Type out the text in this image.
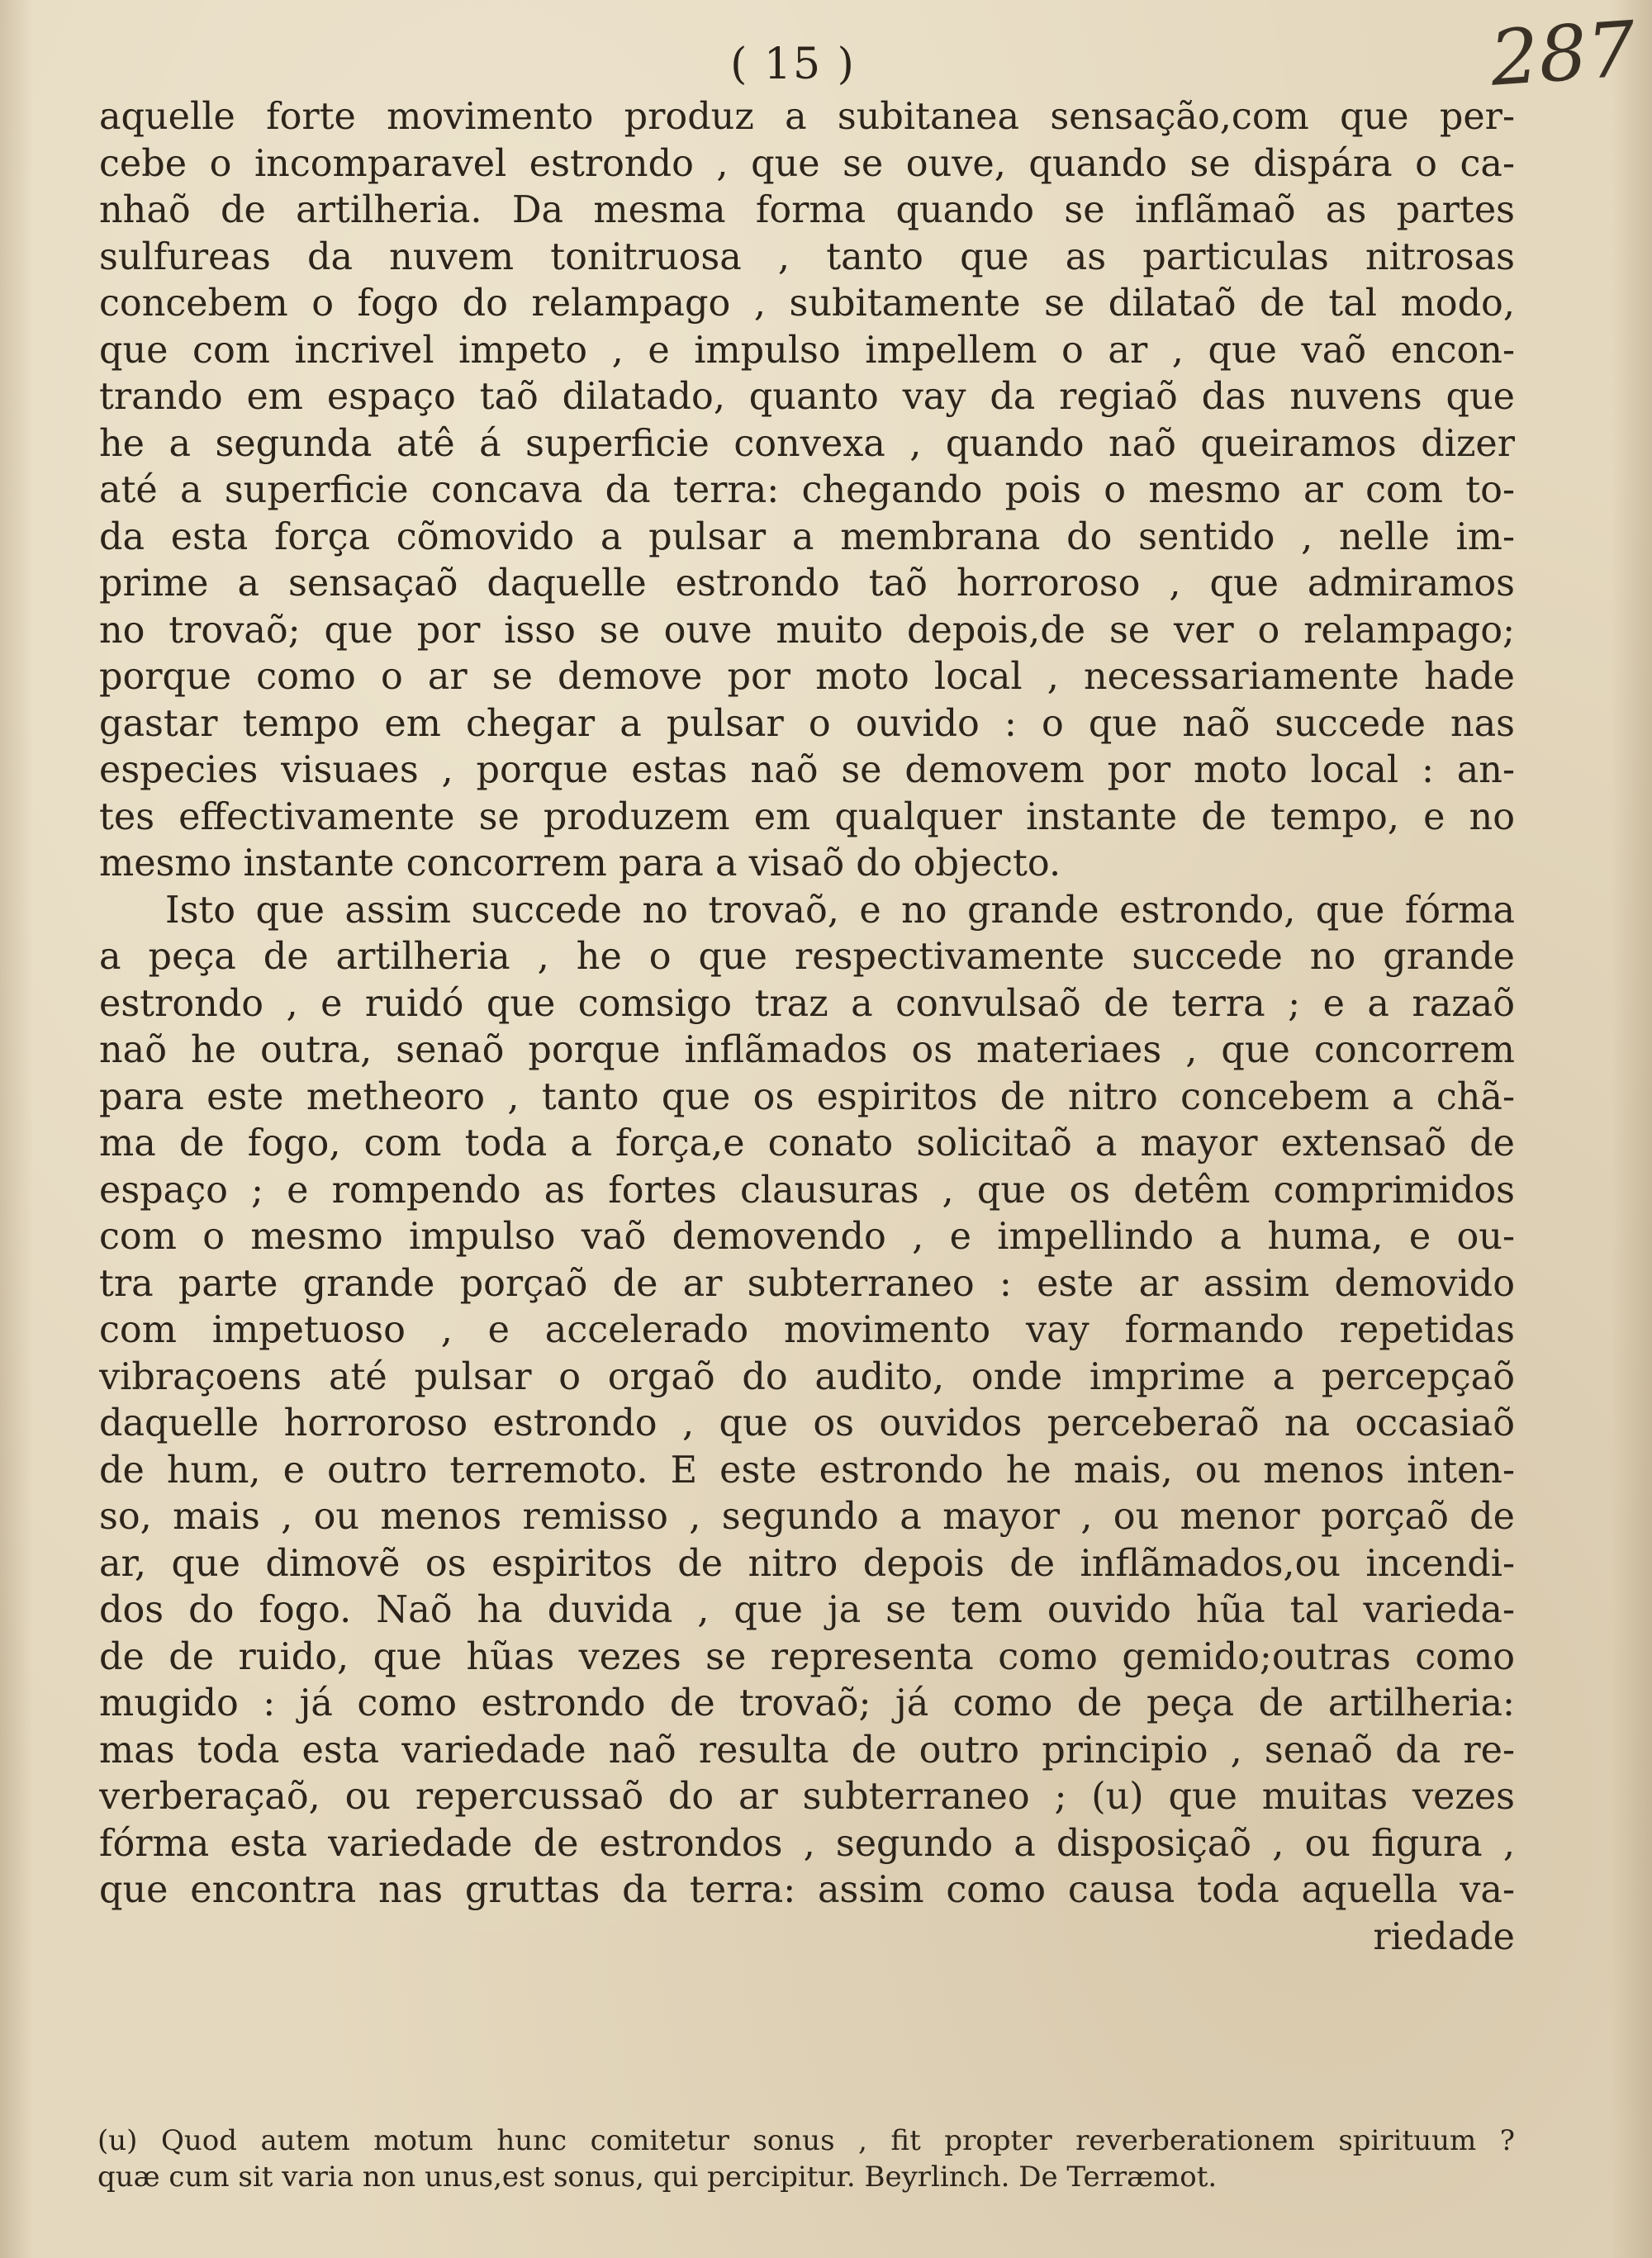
( 15 )	287
aquelle forte movimento produz a subitanea sensação,com que per-
cebe o incomparavel estrondo , que se ouve, quando se dispára o ca-
nhaõ de artilheria. Da mesma forma quando se inflãmaõ as partes
sulfureas da nuvem tonitruosa , tanto que as particulas nitrosas
concebem o fogo do relampago , subitamente se dilataõ de tal modo,
que com incrivel impeto , e impulso impellem o ar , que vaõ encon-
trando em espaço taõ dilatado, quanto vay da regiaõ das nuvens que
he a segunda atê á superficie convexa , quando naõ queiramos dizer
até a superficie concava da terra: chegando pois o mesmo ar com to-
da esta força cõmovido a pulsar a membrana do sentido , nelle im-
prime a sensaçaõ daquelle estrondo taõ horroroso , que admiramos
no trovaõ; que por isso se ouve muito depois,de se ver o relampago;
porque como o ar se demove por moto local , necessariamente hade
gastar tempo em chegar a pulsar o ouvido : o que naõ succede nas
especies visuaes , porque estas naõ se demovem por moto local : an-
tes effectivamente se produzem em qualquer instante de tempo, e no
mesmo instante concorrem para a visaõ do objecto.
Isto que assim succede no trovaõ, e no grande estrondo, que fórma
a peça de artilheria , he o que respectivamente succede no grande
estrondo , e ruidó que comsigo traz a convulsaõ de terra ; e a razaõ
naõ he outra, senaõ porque inflãmados os materiaes , que concorrem
para este metheoro , tanto que os espiritos de nitro concebem a chã-
ma de fogo, com toda a força,e conato solicitaõ a mayor extensaõ de
espaço ; e rompendo as fortes clausuras , que os detêm comprimidos
com o mesmo impulso vaõ demovendo , e impellindo a huma, e ou-
tra parte grande porçaõ de ar subterraneo : este ar assim demovido
com impetuoso , e accelerado movimento vay formando repetidas
vibraçoens até pulsar o orgaõ do audito, onde imprime a percepçaõ
daquelle horroroso estrondo , que os ouvidos perceberaõ na occasiaõ
de hum, e outro terremoto. E este estrondo he mais, ou menos inten-
so, mais , ou menos remisso , segundo a mayor , ou menor porçaõ de
ar, que dimovẽ os espiritos de nitro depois de inflãmados,ou incendi-
dos do fogo. Naõ ha duvida , que ja se tem ouvido hũa tal varieda-
de de ruido, que hũas vezes se representa como gemido;outras como
mugido : já como estrondo de trovaõ; já como de peça de artilheria:
mas toda esta variedade naõ resulta de outro principio , senaõ da re-
verberaçaõ, ou repercussaõ do ar subterraneo ; (u) que muitas vezes
fórma esta variedade de estrondos , segundo a disposiçaõ , ou figura ,
que encontra nas gruttas da terra: assim como causa toda aquella va-
riedade
(u) Quod autem motum hunc comitetur sonus , fit propter reverberationem spirituum ?
quæ cum sit varia non unus,est sonus, qui percipitur. Beyrlinch. De Terræmot.
